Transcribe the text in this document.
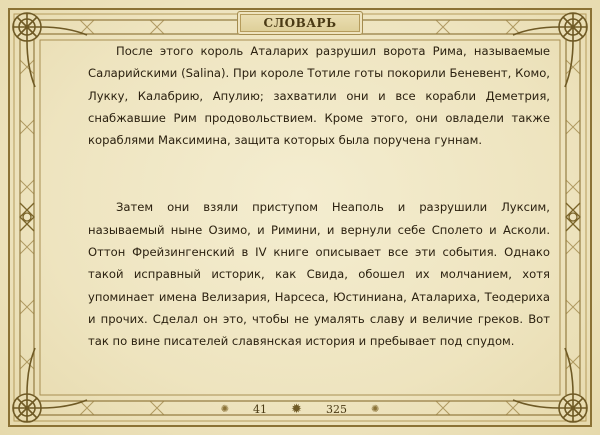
СЛОВАРЬ

После этого король Аталарих разрушил ворота Рима, называемые Саларийскими (Salina). При короле Тотиле готы покорили Беневент, Комо, Лукку, Калабрию, Апулию; захватили они и все корабли Деметрия, снабжавшие Рим продовольствием. Кроме этого, они овладели также кораблями Максимина, защита которых была поручена гуннам.

Затем они взяли приступом Неаполь и разрушили Луксим, называемый ныне Озимо, и Римини, и вернули себе Сполето и Асколи. Оттон Фрейзингенский в IV книге описывает все эти события. Однако такой исправный историк, как Свида, обошел их молчанием, хотя упоминает имена Велизария, Нарсеса, Юстиниана, Аталариха, Теодериха и прочих. Сделал он это, чтобы не умалять славу и величие греков. Вот так по вине писателей славянская история и пребывает под спудом.

✺ 41 ✹ 325 ✺
